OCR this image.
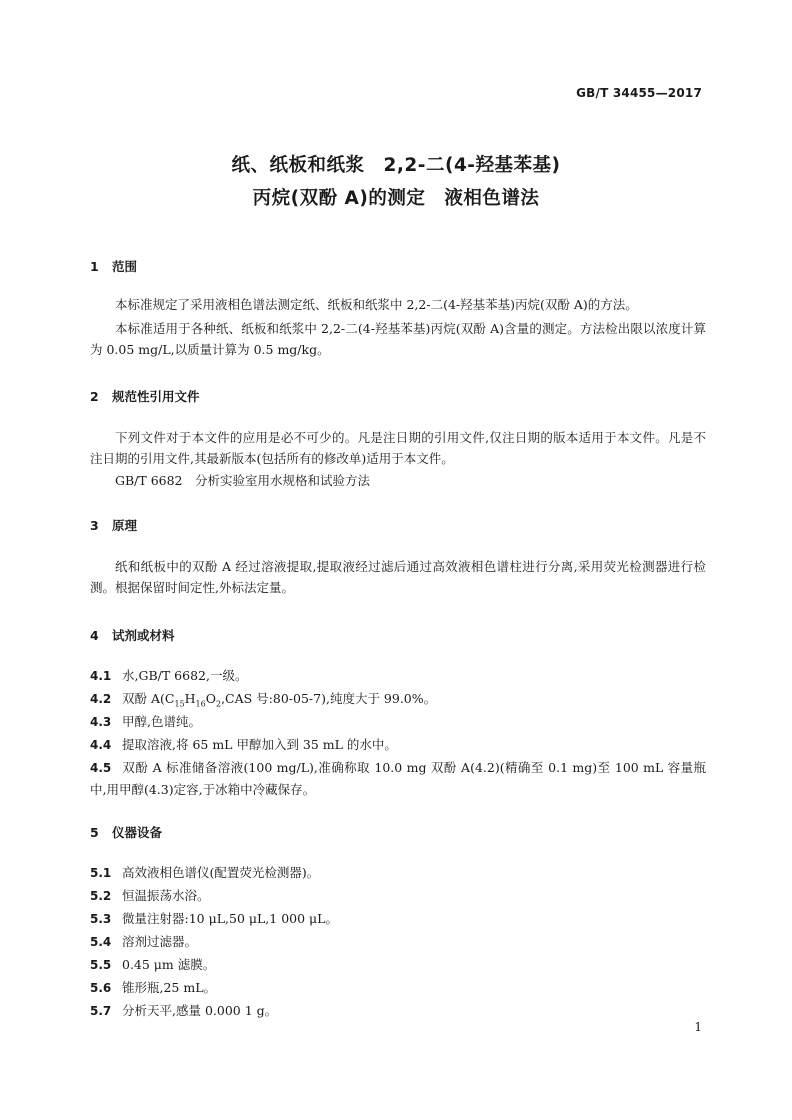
GB/T 34455—2017
纸、纸板和纸浆　2,2-二(4-羟基苯基)
丙烷(双酚 A)的测定　液相色谱法
1 范围
本标准规定了采用液相色谱法测定纸、纸板和纸浆中 2,2-二(4-羟基苯基)丙烷(双酚 A)的方法。
本标准适用于各种纸、纸板和纸浆中 2,2-二(4-羟基苯基)丙烷(双酚 A)含量的测定。方法检出限以浓度计算为 0.05 mg/L,以质量计算为 0.5 mg/kg。
2 规范性引用文件
下列文件对于本文件的应用是必不可少的。凡是注日期的引用文件,仅注日期的版本适用于本文件。凡是不注日期的引用文件,其最新版本(包括所有的修改单)适用于本文件。
GB/T 6682　分析实验室用水规格和试验方法
3 原理
纸和纸板中的双酚 A 经过溶液提取,提取液经过滤后通过高效液相色谱柱进行分离,采用荧光检测器进行检测。根据保留时间定性,外标法定量。
4 试剂或材料
4.1 水,GB/T 6682,一级。
4.2 双酚 $A(C_{15}H_{16}O_2,CAS$ 号:80-05-7),纯度大于 99.0%。
4.3 甲醇,色谱纯。
4.4 提取溶液,将 65 mL 甲醇加入到 35 mL 的水中。
4.5 双酚 A 标准储备溶液(100 mg/L),准确称取 10.0 mg 双酚 A(4.2)(精确至 0.1 mg)至 100 mL 容量瓶中,用甲醇(4.3)定容,于冰箱中冷藏保存。
5 仪器设备
5.1 高效液相色谱仪(配置荧光检测器)。
5.2 恒温振荡水浴。
5.3 微量注射器:10 μL,50 μL,1 000 μL。
5.4 溶剂过滤器。
5.5 0.45 μm 滤膜。
5.6 锥形瓶,25 mL。
5.7 分析天平,感量 0.000 1 g。
1
